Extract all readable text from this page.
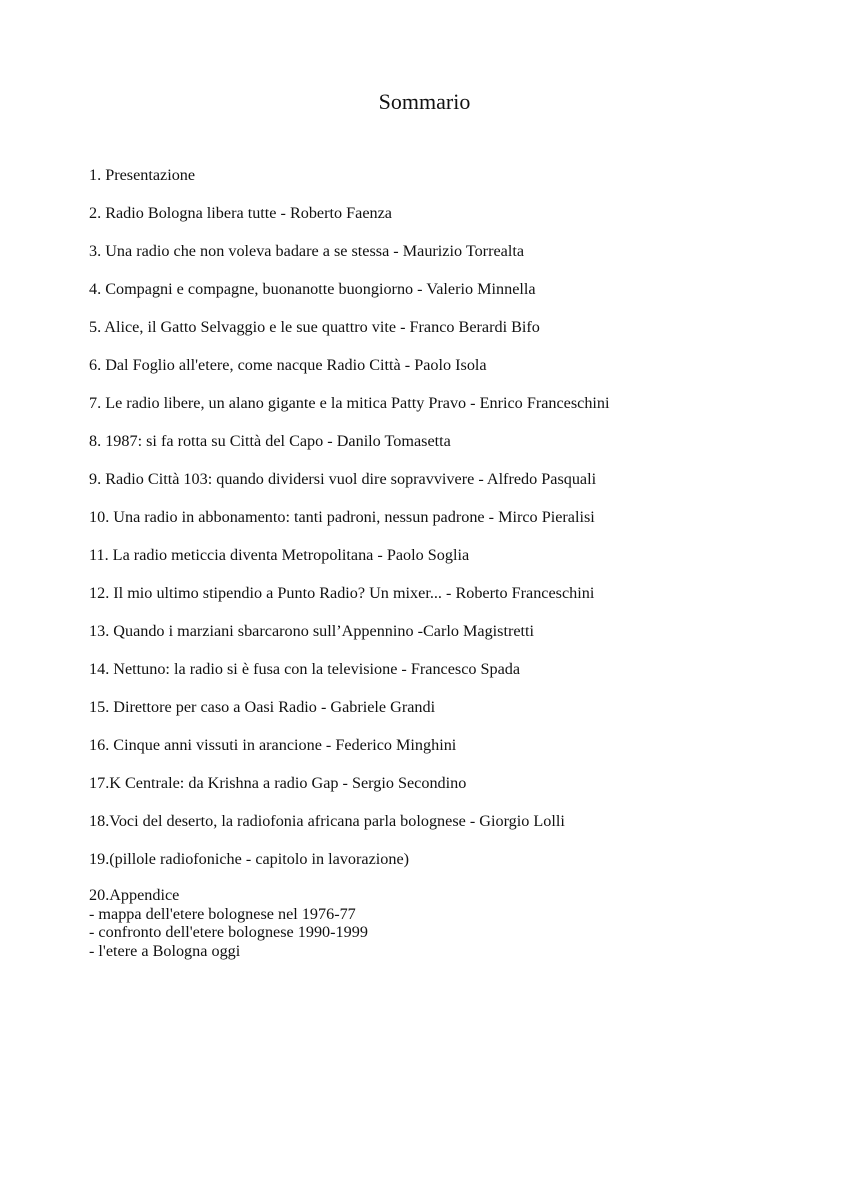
Sommario
1. Presentazione
2. Radio Bologna libera tutte - Roberto Faenza
3. Una radio che non voleva badare a se stessa - Maurizio Torrealta
4. Compagni e compagne, buonanotte buongiorno - Valerio Minnella
5. Alice, il Gatto Selvaggio e le sue quattro vite - Franco Berardi Bifo
6. Dal Foglio all'etere, come nacque Radio Città - Paolo Isola
7. Le radio libere, un alano gigante e la mitica Patty Pravo - Enrico Franceschini
8. 1987: si fa rotta su Città del Capo - Danilo Tomasetta
9. Radio Città 103: quando dividersi vuol dire sopravvivere - Alfredo Pasquali
10. Una radio in abbonamento: tanti padroni, nessun padrone - Mirco Pieralisi
11. La radio meticcia diventa Metropolitana - Paolo Soglia
12. Il mio ultimo stipendio a Punto Radio? Un mixer... - Roberto Franceschini
13. Quando i marziani sbarcarono sull’Appennino -Carlo Magistretti
14. Nettuno: la radio si è fusa con la televisione - Francesco Spada
15. Direttore per caso a Oasi Radio - Gabriele Grandi
16. Cinque anni vissuti in arancione - Federico Minghini
17.K Centrale: da Krishna a radio Gap - Sergio Secondino
18.Voci del deserto, la radiofonia africana parla bolognese - Giorgio Lolli
19.(pillole radiofoniche - capitolo in lavorazione)
20.Appendice
- mappa dell'etere bolognese nel 1976-77
- confronto dell'etere bolognese 1990-1999
- l'etere a Bologna oggi
